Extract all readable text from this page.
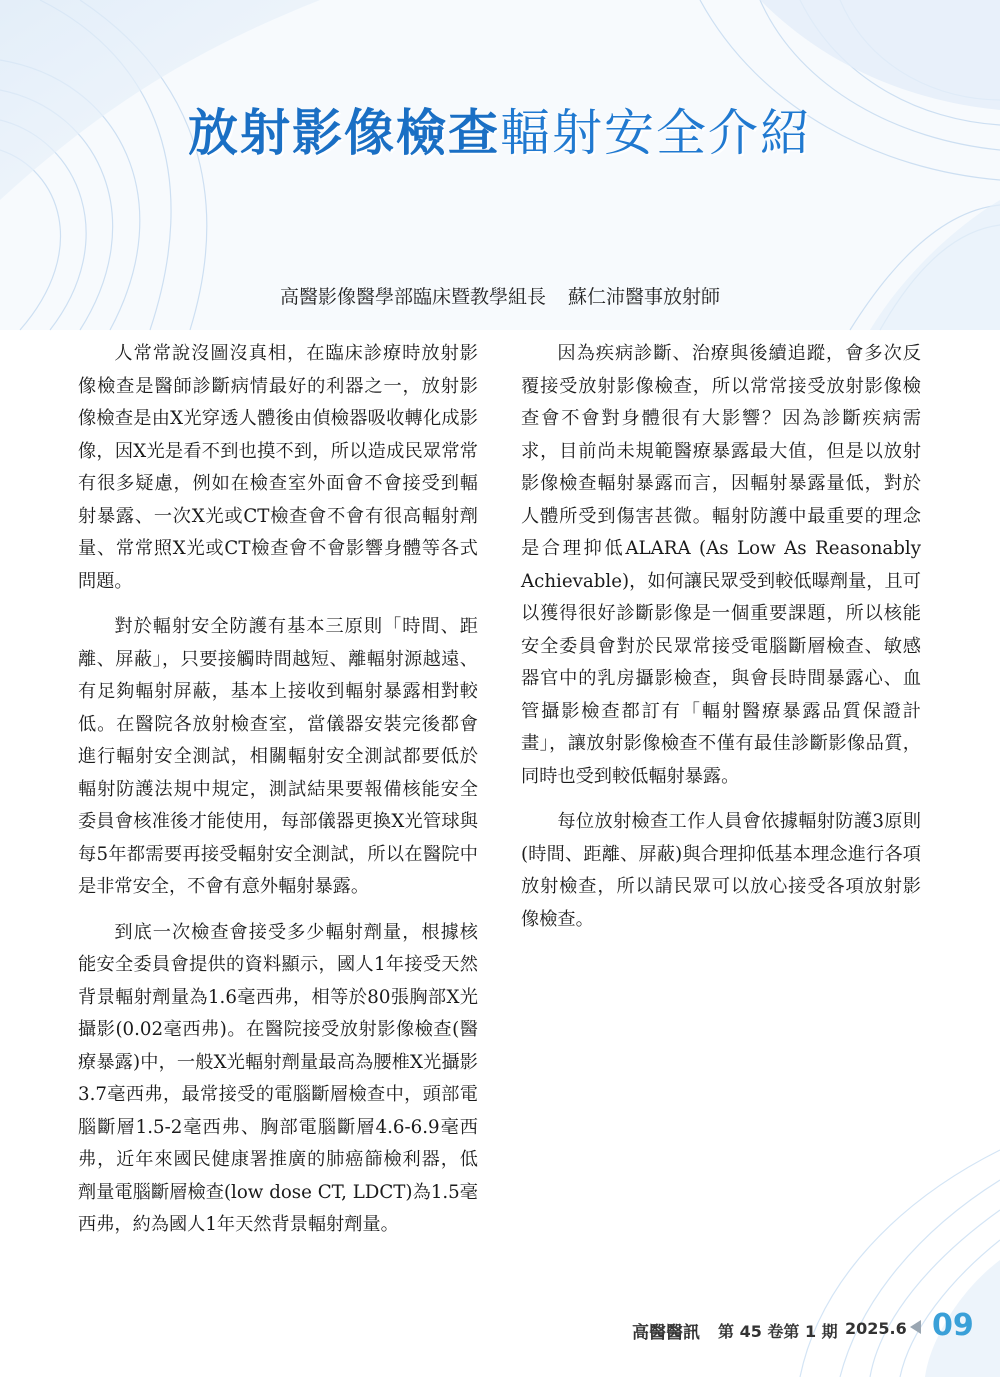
放射影像檢查輻射安全介紹
高醫影像醫學部臨床暨教學組長 蘇仁沛醫事放射師

人常常說沒圖沒真相，在臨床診療時放射影像檢查是醫師診斷病情最好的利器之一，放射影像檢查是由X光穿透人體後由偵檢器吸收轉化成影像，因X光是看不到也摸不到，所以造成民眾常常有很多疑慮，例如在檢查室外面會不會接受到輻射暴露、一次X光或CT檢查會不會有很高輻射劑量、常常照X光或CT檢查會不會影響身體等各式問題。

對於輻射安全防護有基本三原則「時間、距離、屏蔽」，只要接觸時間越短、離輻射源越遠、有足夠輻射屏蔽，基本上接收到輻射暴露相對較低。在醫院各放射檢查室，當儀器安裝完後都會進行輻射安全測試，相關輻射安全測試都要低於輻射防護法規中規定，測試結果要報備核能安全委員會核准後才能使用，每部儀器更換X光管球與每5年都需要再接受輻射安全測試，所以在醫院中是非常安全，不會有意外輻射暴露。

到底一次檢查會接受多少輻射劑量，根據核能安全委員會提供的資料顯示，國人1年接受天然背景輻射劑量為1.6毫西弗，相等於80張胸部X光攝影(0.02毫西弗)。在醫院接受放射影像檢查(醫療暴露)中，一般X光輻射劑量最高為腰椎X光攝影3.7毫西弗，最常接受的電腦斷層檢查中，頭部電腦斷層1.5-2毫西弗、胸部電腦斷層4.6-6.9毫西弗，近年來國民健康署推廣的肺癌篩檢利器，低劑量電腦斷層檢查(low dose CT, LDCT)為1.5毫西弗，約為國人1年天然背景輻射劑量。

因為疾病診斷、治療與後續追蹤，會多次反覆接受放射影像檢查，所以常常接受放射影像檢查會不會對身體很有大影響？因為診斷疾病需求，目前尚未規範醫療暴露最大值，但是以放射影像檢查輻射暴露而言，因輻射暴露量低，對於人體所受到傷害甚微。輻射防護中最重要的理念是合理抑低ALARA (As Low As Reasonably Achievable)，如何讓民眾受到較低曝劑量，且可以獲得很好診斷影像是一個重要課題，所以核能安全委員會對於民眾常接受電腦斷層檢查、敏感器官中的乳房攝影檢查，與會長時間暴露心、血管攝影檢查都訂有「輻射醫療暴露品質保證計畫」，讓放射影像檢查不僅有最佳診斷影像品質，同時也受到較低輻射暴露。

每位放射檢查工作人員會依據輻射防護3原則(時間、距離、屏蔽)與合理抑低基本理念進行各項放射檢查，所以請民眾可以放心接受各項放射影像檢查。

高醫醫訊 第 45 卷第 1 期 2025.6 09
